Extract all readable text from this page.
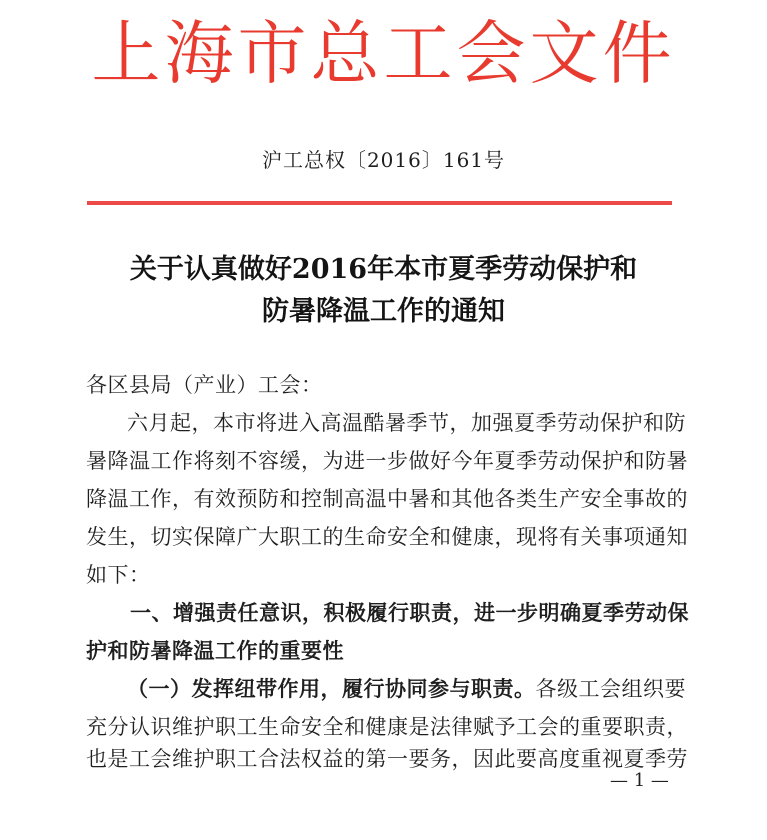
上海市总工会文件
沪工总权〔2016〕161号
关于认真做好2016年本市夏季劳动保护和
防暑降温工作的通知
各区县局（产业）工会：
六月起，本市将进入高温酷暑季节，加强夏季劳动保护和防
暑降温工作将刻不容缓，为进一步做好今年夏季劳动保护和防暑
降温工作，有效预防和控制高温中暑和其他各类生产安全事故的
发生，切实保障广大职工的生命安全和健康，现将有关事项通知
如下：
一、增强责任意识，积极履行职责，进一步明确夏季劳动保
护和防暑降温工作的重要性
（一）发挥纽带作用，履行协同参与职责。各级工会组织要
充分认识维护职工生命安全和健康是法律赋予工会的重要职责，
也是工会维护职工合法权益的第一要务，因此要高度重视夏季劳
— 1 —
